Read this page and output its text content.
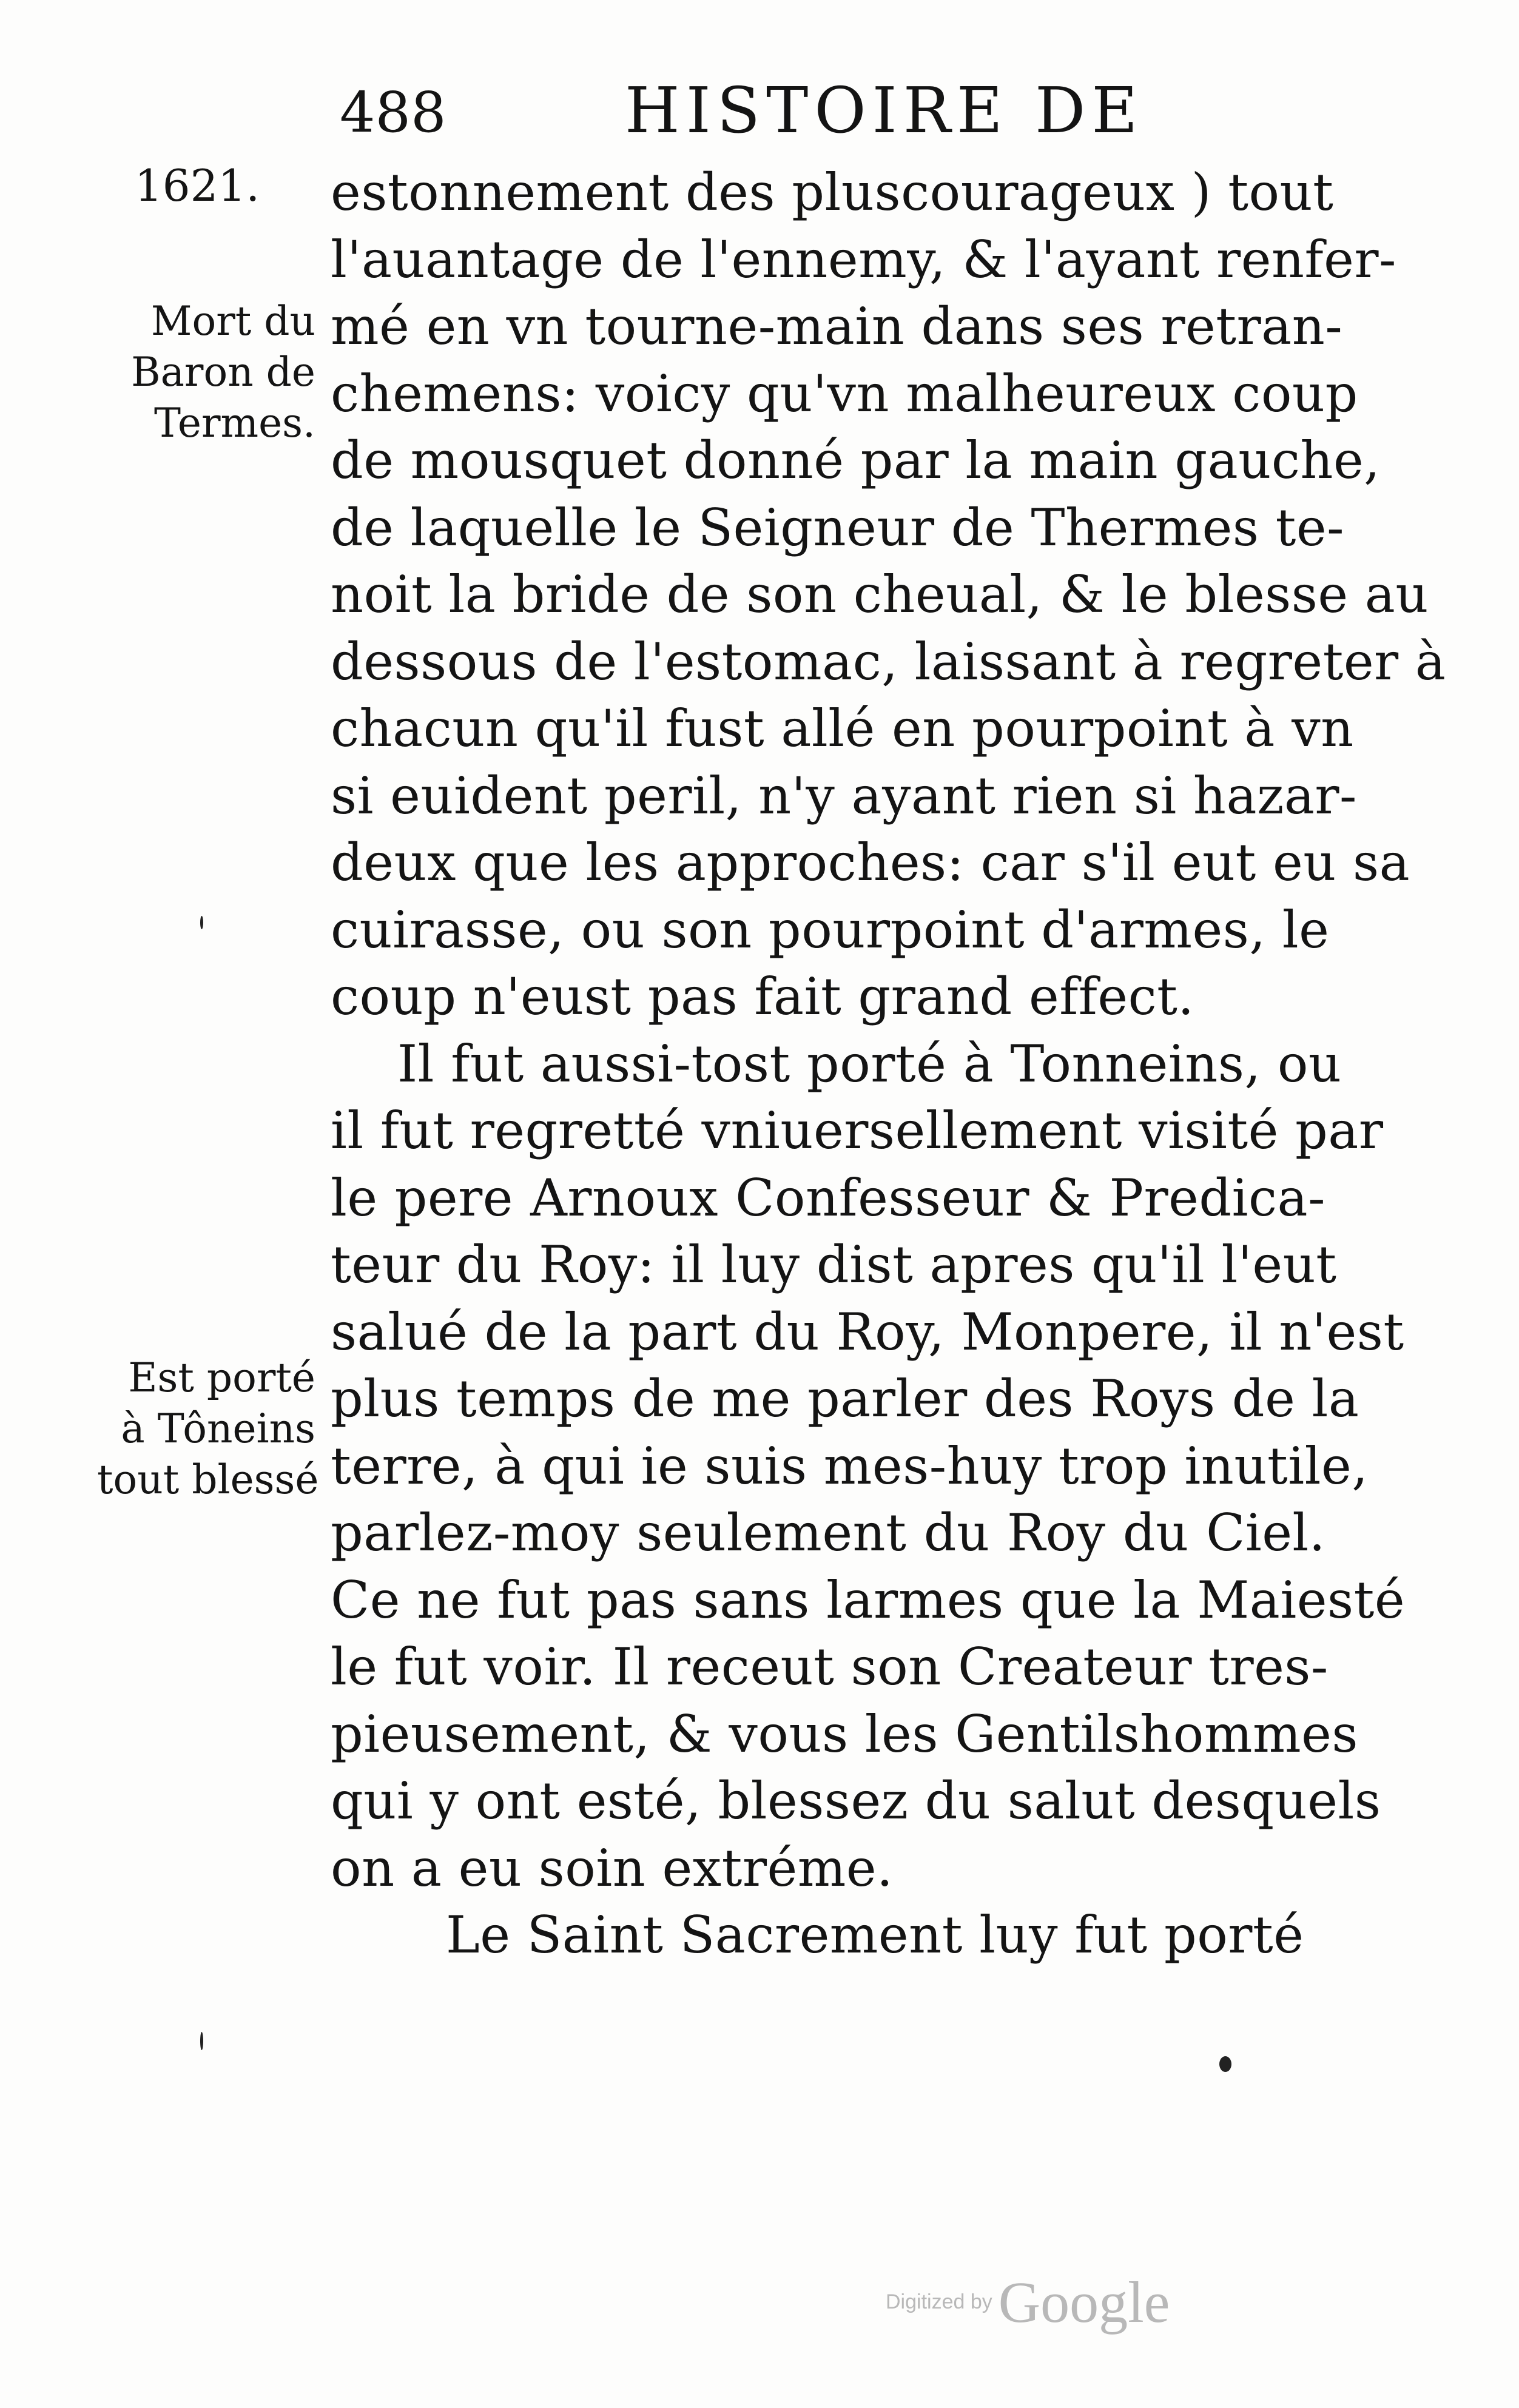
488	HISTOIRE DE
1621.
Mort du
Baron de
Termes.
Est porté
à Tôneins
tout blessé
estonnement des pluscourageux ) tout
l'auantage de l'ennemy, & l'ayant renfer-
mé en vn tourne-main dans ses retran-
chemens: voicy qu'vn malheureux coup
de mousquet donné par la main gauche,
de laquelle le Seigneur de Thermes te-
noit la bride de son cheual, & le blesse au
dessous de l'estomac, laissant à regreter à
chacun qu'il fust allé en pourpoint à vn
si euident peril, n'y ayant rien si hazar-
deux que les approches: car s'il eut eu sa
cuirasse, ou son pourpoint d'armes, le
coup n'eust pas fait grand effect.
Il fut aussi-tost porté à Tonneins, ou
il fut regretté vniuersellement visité par
le pere Arnoux Confesseur & Predica-
teur du Roy: il luy dist apres qu'il l'eut
salué de la part du Roy, Monpere, il n'est
plus temps de me parler des Roys de la
terre, à qui ie suis mes-huy trop inutile,
parlez-moy seulement du Roy du Ciel.
Ce ne fut pas sans larmes que la Maiesté
le fut voir. Il receut son Createur tres-
pieusement, & vous les Gentilshommes
qui y ont esté, blessez du salut desquels
on a eu soin extréme.
Le Saint Sacrement luy fut porté
Digitized by Google
